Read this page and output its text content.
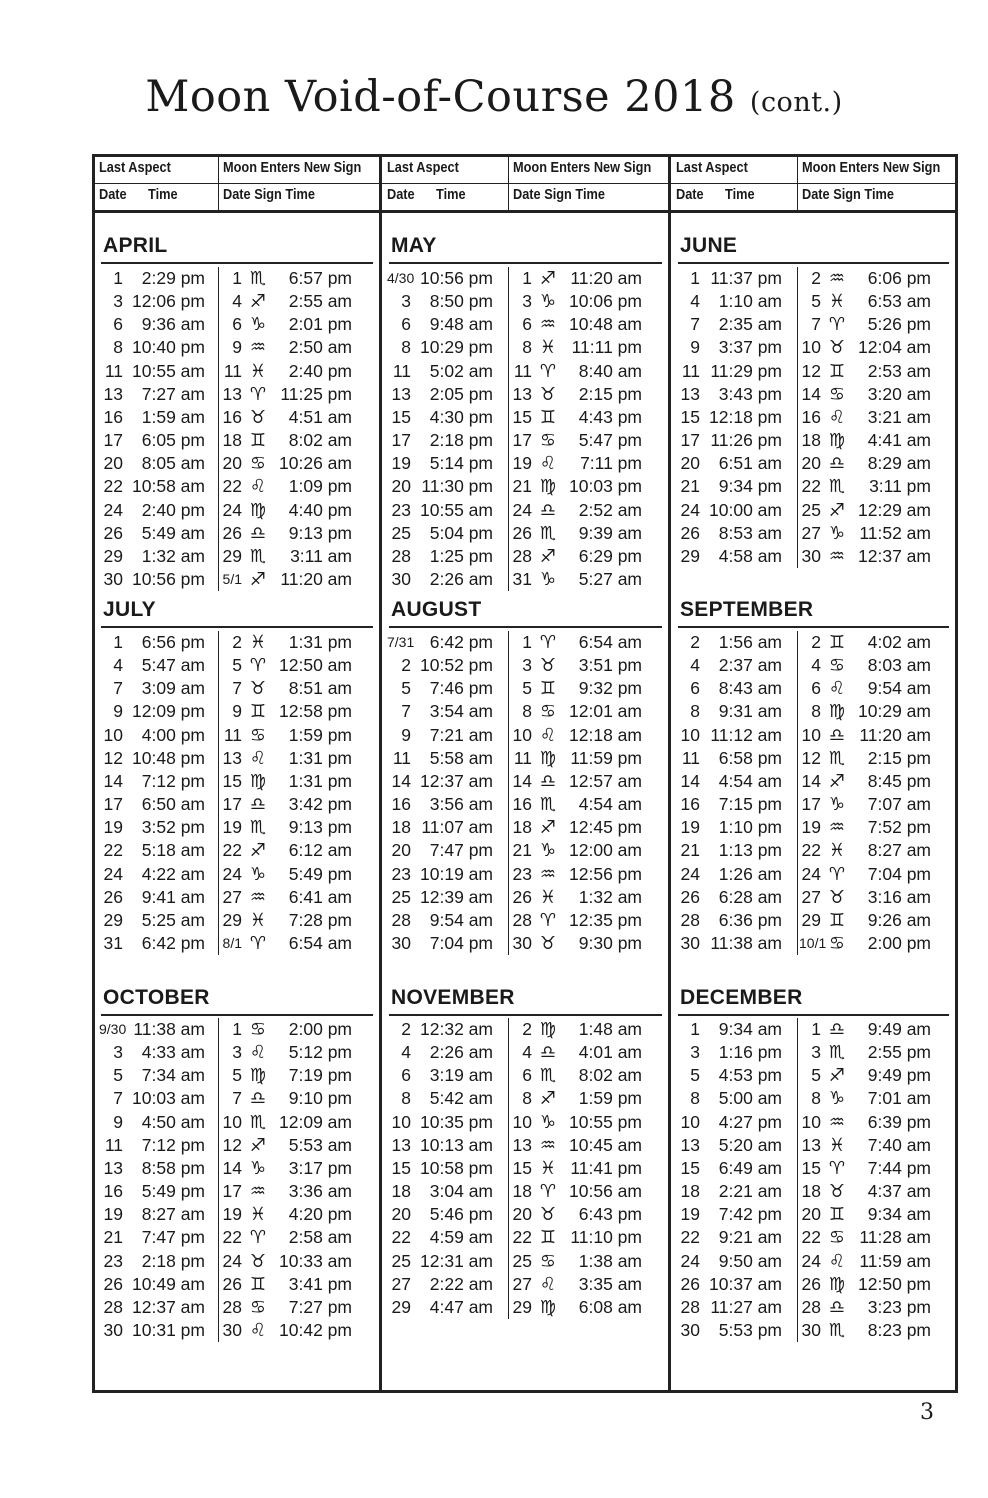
Moon Void-of-Course 2018 (cont.)
Last Aspect	Moon Enters New Sign
Date Time	Date Sign Time
Last Aspect	Moon Enters New Sign
Date Time	Date Sign Time
Last Aspect	Moon Enters New Sign
Date Time	Date Sign Time
APRIL
1	2:29 pm	1 ♏	6:57 pm
3 12:06 pm	4 ♐	2:55 am
6	9:36 am	6 ♑	2:01 pm
8 10:40 pm	9 ♒	2:50 am
11 10:55 am 11 ♓	2:40 pm
13	7:27 am 13 ♈ 11:25 pm
16	1:59 am 16 ♉	4:51 am
17	6:05 pm 18 ♊	8:02 am
20	8:05 am 20 ♋ 10:26 am
22 10:58 am 22 ♌	1:09 pm
24	2:40 pm 24 ♍	4:40 pm
26	5:49 am 26 ♎	9:13 pm
29	1:32 am 29 ♏	3:11 am
30 10:56 pm 5/1 ♐ 11:20 am
MAY
4/30 10:56 pm	1 ♐ 11:20 am
3	8:50 pm	3 ♑ 10:06 pm
6	9:48 am	6 ♒ 10:48 am
8 10:29 pm	8 ♓ 11:11 pm
11	5:02 am 11 ♈	8:40 am
13	2:05 pm 13 ♉	2:15 pm
15	4:30 pm 15 ♊	4:43 pm
17	2:18 pm 17 ♋	5:47 pm
19	5:14 pm 19 ♌	7:11 pm
20 11:30 pm 21 ♍ 10:03 pm
23 10:55 am 24 ♎	2:52 am
25	5:04 pm 26 ♏	9:39 am
28	1:25 pm 28 ♐	6:29 pm
30	2:26 am 31 ♑	5:27 am
JUNE
1 11:37 pm	2 ♒	6:06 pm
4	1:10 am	5 ♓	6:53 am
7	2:35 am	7 ♈	5:26 pm
9	3:37 pm 10 ♉ 12:04 am
11 11:29 pm 12 ♊	2:53 am
13	3:43 pm 14 ♋	3:20 am
15 12:18 pm 16 ♌	3:21 am
17 11:26 pm 18 ♍	4:41 am
20	6:51 am 20 ♎	8:29 am
21	9:34 pm 22 ♏	3:11 pm
24 10:00 am 25 ♐ 12:29 am
26	8:53 am 27 ♑ 11:52 am
29	4:58 am 30 ♒ 12:37 am
JULY
1	6:56 pm	2 ♓	1:31 pm
4	5:47 am	5 ♈ 12:50 am
7	3:09 am	7 ♉	8:51 am
9 12:09 pm	9 ♊ 12:58 pm
10	4:00 pm 11 ♋	1:59 pm
12 10:48 pm 13 ♌	1:31 pm
14	7:12 pm 15 ♍	1:31 pm
17	6:50 am 17 ♎	3:42 pm
19	3:52 pm 19 ♏	9:13 pm
22	5:18 am 22 ♐	6:12 am
24	4:22 am 24 ♑	5:49 pm
26	9:41 am 27 ♒	6:41 am
29	5:25 am 29 ♓	7:28 pm
31	6:42 pm 8/1 ♈	6:54 am
AUGUST
7/31 6:42 pm	1 ♈	6:54 am
2 10:52 pm	3 ♉	3:51 pm
5	7:46 pm	5 ♊	9:32 pm
7	3:54 am	8 ♋ 12:01 am
9	7:21 am 10 ♌ 12:18 am
11	5:58 am 11 ♍ 11:59 pm
14 12:37 am 14 ♎ 12:57 am
16	3:56 am 16 ♏	4:54 am
18 11:07 am 18 ♐ 12:45 pm
20	7:47 pm 21 ♑ 12:00 am
23 10:19 am 23 ♒ 12:56 pm
25 12:39 am 26 ♓	1:32 am
28	9:54 am 28 ♈ 12:35 pm
30	7:04 pm 30 ♉	9:30 pm
SEPTEMBER
2	1:56 am	2 ♊	4:02 am
4	2:37 am	4 ♋	8:03 am
6	8:43 am	6 ♌	9:54 am
8	9:31 am	8 ♍ 10:29 am
10 11:12 am 10 ♎ 11:20 am
11	6:58 pm 12 ♏	2:15 pm
14	4:54 am 14 ♐	8:45 pm
16	7:15 pm 17 ♑	7:07 am
19	1:10 pm 19 ♒	7:52 pm
21	1:13 pm 22 ♓	8:27 am
24	1:26 am 24 ♈	7:04 pm
26	6:28 am 27 ♉	3:16 am
28	6:36 pm 29 ♊	9:26 am
30 11:38 am 10/1 ♋	2:00 pm
OCTOBER
9/30 11:38 am	1 ♋	2:00 pm
3	4:33 am	3 ♌	5:12 pm
5	7:34 am	5 ♍	7:19 pm
7 10:03 am	7 ♎	9:10 pm
9	4:50 am 10 ♏ 12:09 am
11	7:12 pm 12 ♐	5:53 am
13	8:58 pm 14 ♑	3:17 pm
16	5:49 pm 17 ♒	3:36 am
19	8:27 am 19 ♓	4:20 pm
21	7:47 pm 22 ♈	2:58 am
23	2:18 pm 24 ♉ 10:33 am
26 10:49 am 26 ♊	3:41 pm
28 12:37 am 28 ♋	7:27 pm
30 10:31 pm 30 ♌ 10:42 pm
NOVEMBER
2 12:32 am	2 ♍	1:48 am
4	2:26 am	4 ♎	4:01 am
6	3:19 am	6 ♏	8:02 am
8	5:42 am	8 ♐	1:59 pm
10 10:35 pm 10 ♑ 10:55 pm
13 10:13 am 13 ♒ 10:45 am
15 10:58 pm 15 ♓ 11:41 pm
18	3:04 am 18 ♈ 10:56 am
20	5:46 pm 20 ♉	6:43 pm
22	4:59 am 22 ♊ 11:10 pm
25 12:31 am 25 ♋	1:38 am
27	2:22 am 27 ♌	3:35 am
29	4:47 am 29 ♍	6:08 am
DECEMBER
1	9:34 am	1 ♎	9:49 am
3	1:16 pm	3 ♏	2:55 pm
5	4:53 pm	5 ♐	9:49 pm
8	5:00 am	8 ♑	7:01 am
10	4:27 pm 10 ♒	6:39 pm
13	5:20 am 13 ♓	7:40 am
15	6:49 am 15 ♈	7:44 pm
18	2:21 am 18 ♉	4:37 am
19	7:42 pm 20 ♊	9:34 am
22	9:21 am 22 ♋ 11:28 am
24	9:50 am 24 ♌ 11:59 am
26 10:37 am 26 ♍ 12:50 pm
28 11:27 am 28 ♎	3:23 pm
30	5:53 pm 30 ♏	8:23 pm
3
